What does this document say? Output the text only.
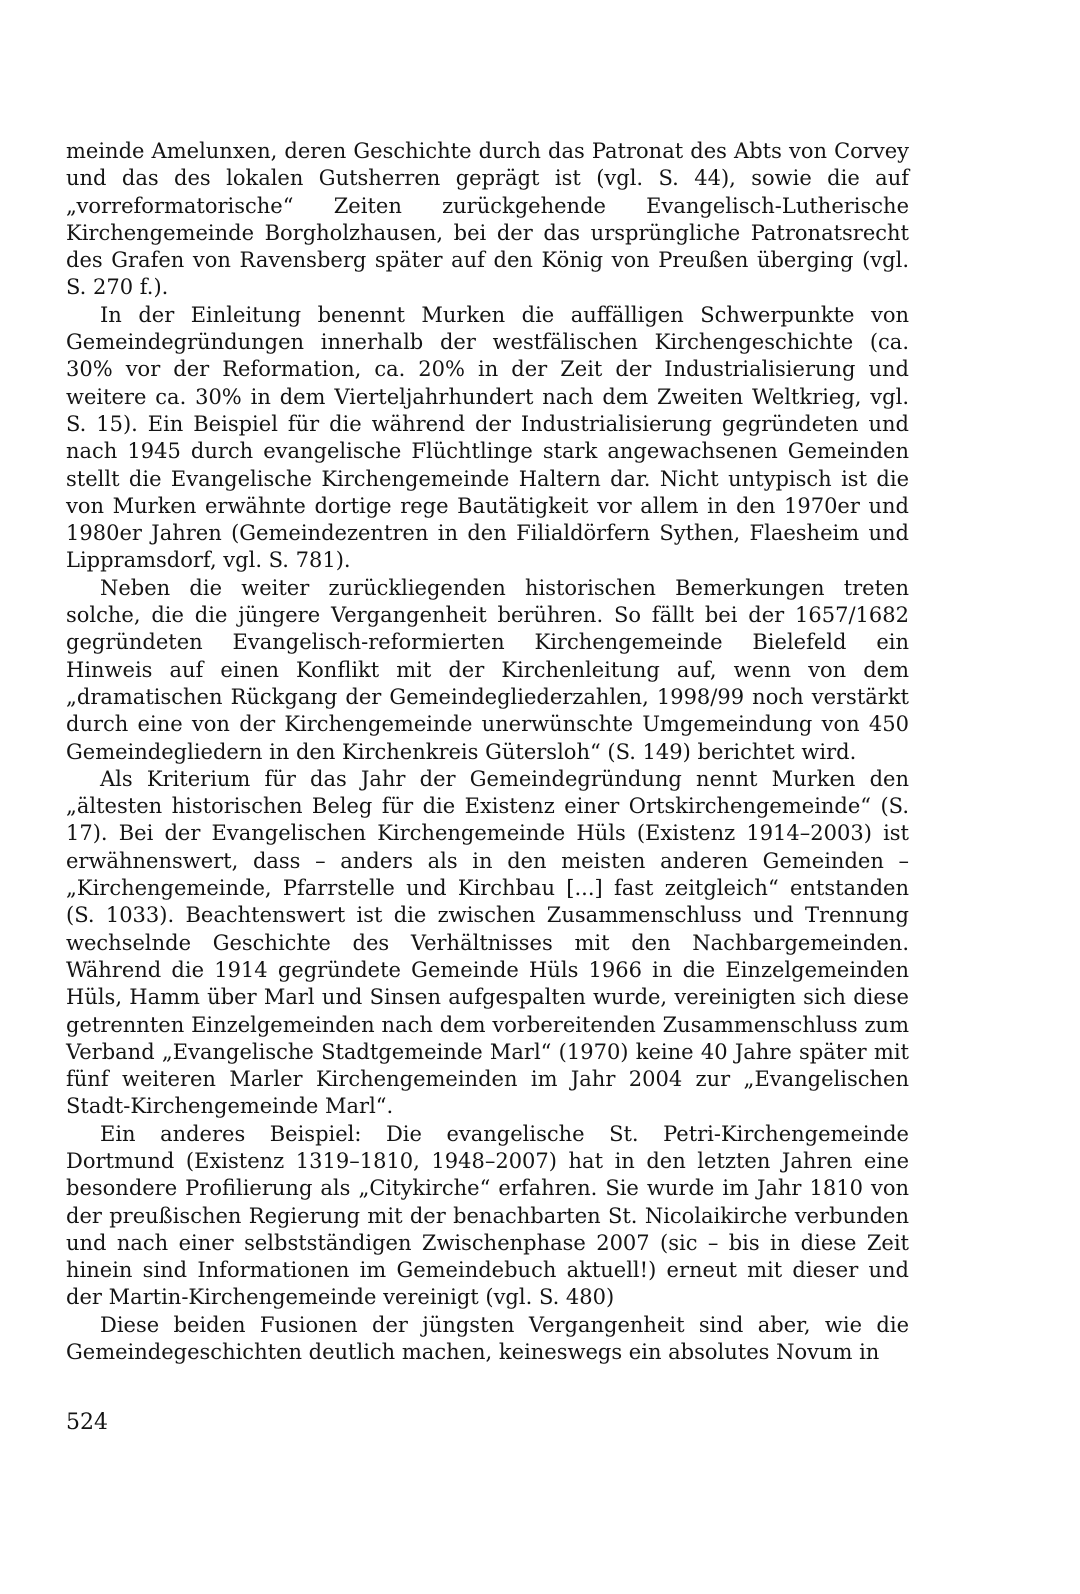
meinde Amelunxen, deren Geschichte durch das Patronat des Abts von Corvey und das des lokalen Gutsherren geprägt ist (vgl. S. 44), sowie die auf „vorreformatorische“ Zeiten zurückgehende Evangelisch-Lutherische Kirchengemeinde Borgholzhausen, bei der das ursprüngliche Patronatsrecht des Grafen von Ravensberg später auf den König von Preußen überging (vgl. S. 270 f.).

In der Einleitung benennt Murken die auffälligen Schwerpunkte von Gemeindegründungen innerhalb der westfälischen Kirchengeschichte (ca. 30% vor der Reformation, ca. 20% in der Zeit der Industrialisierung und weitere ca. 30% in dem Vierteljahrhundert nach dem Zweiten Weltkrieg, vgl. S. 15). Ein Beispiel für die während der Industrialisierung gegründeten und nach 1945 durch evangelische Flüchtlinge stark angewachsenen Gemeinden stellt die Evangelische Kirchengemeinde Haltern dar. Nicht untypisch ist die von Murken erwähnte dortige rege Bautätigkeit vor allem in den 1970er und 1980er Jahren (Gemeindezentren in den Filialdörfern Sythen, Flaesheim und Lippramsdorf, vgl. S. 781).

Neben die weiter zurückliegenden historischen Bemerkungen treten solche, die die jüngere Vergangenheit berühren. So fällt bei der 1657/1682 gegründeten Evangelisch-reformierten Kirchengemeinde Bielefeld ein Hinweis auf einen Konflikt mit der Kirchenleitung auf, wenn von dem „dramatischen Rückgang der Gemeindegliederzahlen, 1998/99 noch verstärkt durch eine von der Kirchengemeinde unerwünschte Umgemeindung von 450 Gemeindegliedern in den Kirchenkreis Gütersloh“ (S. 149) berichtet wird.

Als Kriterium für das Jahr der Gemeindegründung nennt Murken den „ältesten historischen Beleg für die Existenz einer Ortskirchengemeinde“ (S. 17). Bei der Evangelischen Kirchengemeinde Hüls (Existenz 1914–2003) ist erwähnenswert, dass – anders als in den meisten anderen Gemeinden – „Kirchengemeinde, Pfarrstelle und Kirchbau [...] fast zeitgleich“ entstanden (S. 1033). Beachtenswert ist die zwischen Zusammenschluss und Trennung wechselnde Geschichte des Verhältnisses mit den Nachbargemeinden. Während die 1914 gegründete Gemeinde Hüls 1966 in die Einzelgemeinden Hüls, Hamm über Marl und Sinsen aufgespalten wurde, vereinigten sich diese getrennten Einzelgemeinden nach dem vorbereitenden Zusammenschluss zum Verband „Evangelische Stadtgemeinde Marl“ (1970) keine 40 Jahre später mit fünf weiteren Marler Kirchengemeinden im Jahr 2004 zur „Evangelischen Stadt-Kirchengemeinde Marl“.

Ein anderes Beispiel: Die evangelische St. Petri-Kirchengemeinde Dortmund (Existenz 1319–1810, 1948–2007) hat in den letzten Jahren eine besondere Profilierung als „Citykirche“ erfahren. Sie wurde im Jahr 1810 von der preußischen Regierung mit der benachbarten St. Nicolaikirche verbunden und nach einer selbstständigen Zwischenphase 2007 (sic – bis in diese Zeit hinein sind Informationen im Gemeindebuch aktuell!) erneut mit dieser und der Martin-Kirchengemeinde vereinigt (vgl. S. 480)

Diese beiden Fusionen der jüngsten Vergangenheit sind aber, wie die Gemeindegeschichten deutlich machen, keineswegs ein absolutes Novum in

524
